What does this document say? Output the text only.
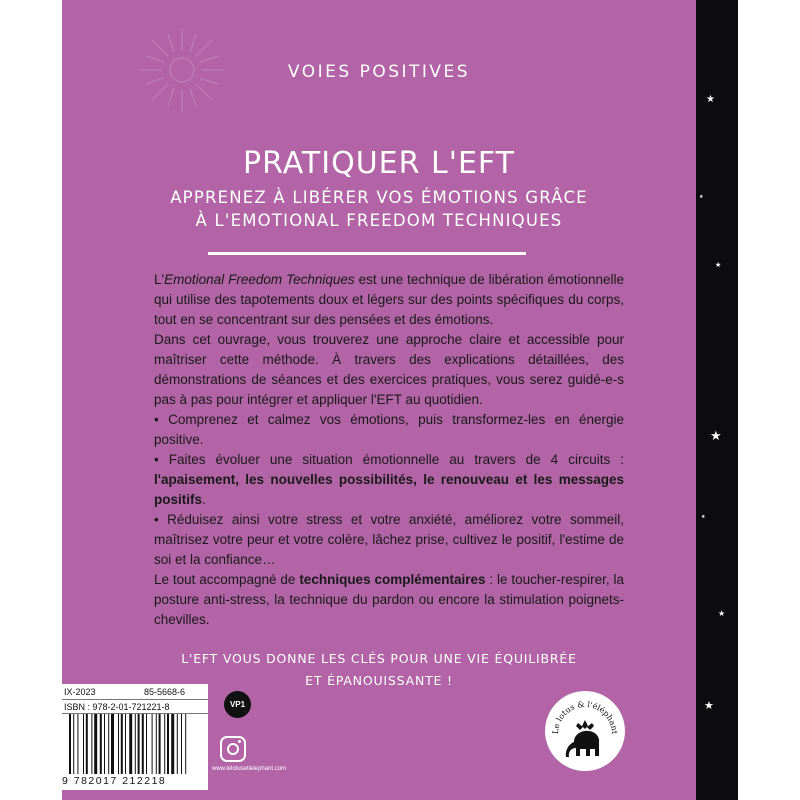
VOIES POSITIVES
PRATIQUER L'EFT
APPRENEZ À LIBÉRER VOS ÉMOTIONS GRÂCE
À L'EMOTIONAL FREEDOM TECHNIQUES

L'Emotional Freedom Techniques est une technique de libération émotionnelle qui utilise des tapotements doux et légers sur des points spécifiques du corps, tout en se concentrant sur des pensées et des émotions.

Dans cet ouvrage, vous trouverez une approche claire et accessible pour maîtriser cette méthode. À travers des explications détaillées, des démonstrations de séances et des exercices pratiques, vous serez guidé-e-s pas à pas pour intégrer et appliquer l'EFT au quotidien.

• Comprenez et calmez vos émotions, puis transformez-les en énergie positive.

• Faites évoluer une situation émotionnelle au travers de 4 circuits : l'apaisement, les nouvelles possibilités, le renouveau et les messages positifs.

• Réduisez ainsi votre stress et votre anxiété, améliorez votre sommeil, maîtrisez votre peur et votre colère, lâchez prise, cultivez le positif, l'estime de soi et la confiance…

Le tout accompagné de techniques complémentaires : le toucher-respirer, la posture anti-stress, la technique du pardon ou encore la stimulation poignets-chevilles.

L'EFT VOUS DONNE LES CLÉS POUR UNE VIE ÉQUILIBRÉE
ET ÉPANOUISSANTE !
IX-2023	85-5668-6
ISBN : 978-2-01-721221-8
9 782017 212218
VP1
www.lelotusetlelephant.com
Le lotus & l'éléphant
★
★
★
★
★
★
★
